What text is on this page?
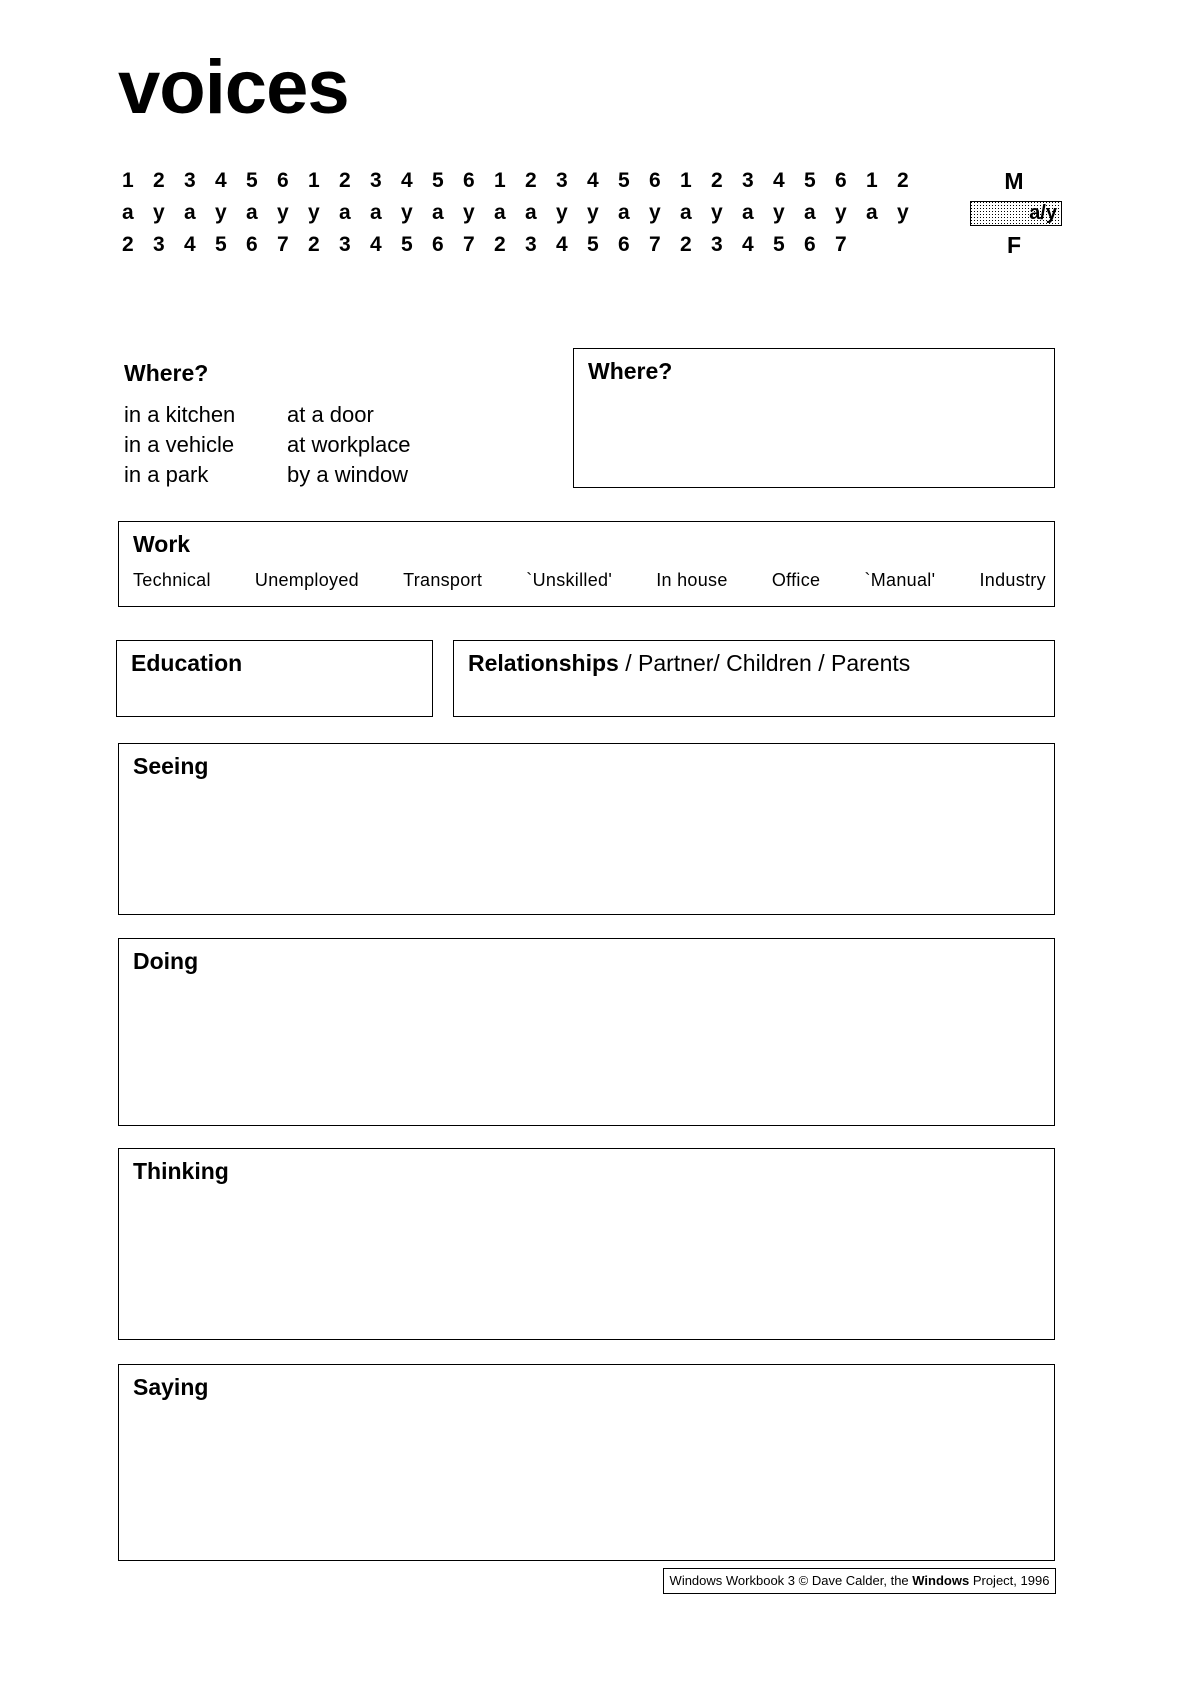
voices
1 2 3 4 5 6 1 2 3 4 5 6 1 2 3 4 5 6 1 2 3 4 5 6 1 2	M
a y a y a y y a a y a y a a y y a y a y a y a y a y	a/y
2 3 4 5 6 7 2 3 4 5 6 7 2 3 4 5 6 7 2 3 4 5 6 7	F
Where?
in a kitchen	at a door
in a vehicle	at workplace
in a park	by a window
Where?
Work
Technical Unemployed Transport `Unskilled' In house Office `Manual' Industry
Education	Relationships / Partner/ Children / Parents
Seeing
Doing
Thinking
Saying
Windows Workbook 3 © Dave Calder, the Windows Project, 1996
